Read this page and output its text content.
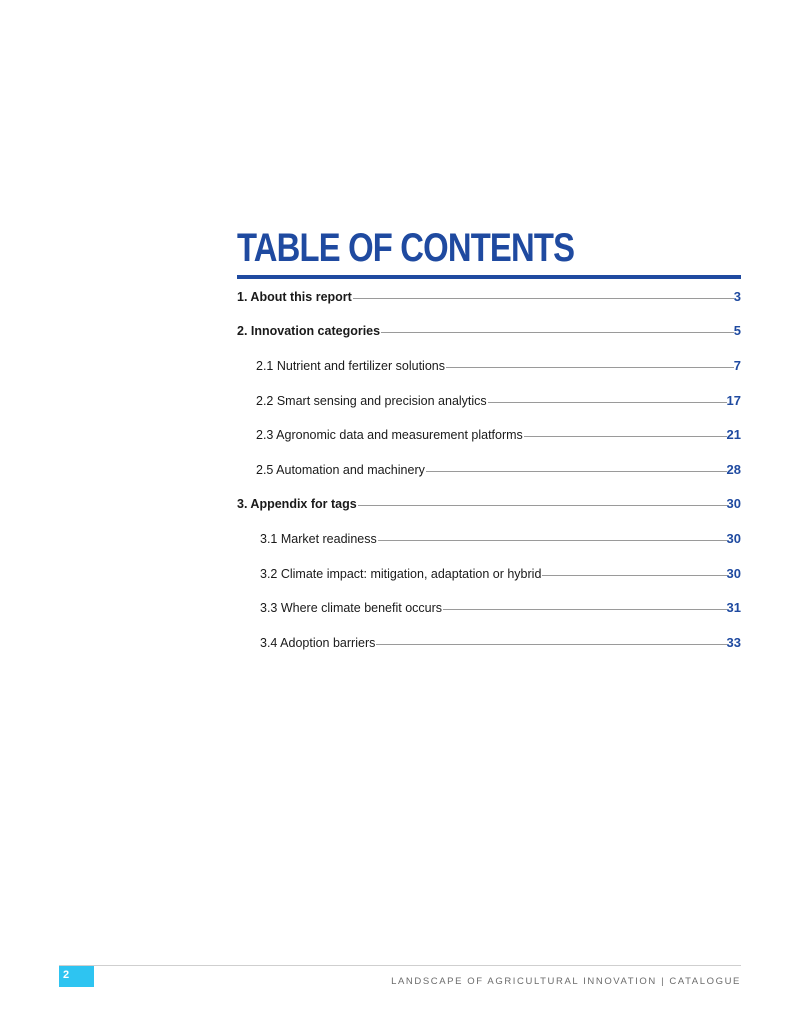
TABLE OF CONTENTS
1. About this report	3
2. Innovation categories	5
2.1 Nutrient and fertilizer solutions	7
2.2 Smart sensing and precision analytics	17
2.3 Agronomic data and measurement platforms	21
2.5 Automation and machinery	28
3. Appendix for tags	30
3.1 Market readiness	30
3.2 Climate impact: mitigation, adaptation or hybrid	30
3.3 Where climate benefit occurs	31
3.4 Adoption barriers	33
2
LANDSCAPE OF AGRICULTURAL INNOVATION | CATALOGUE
